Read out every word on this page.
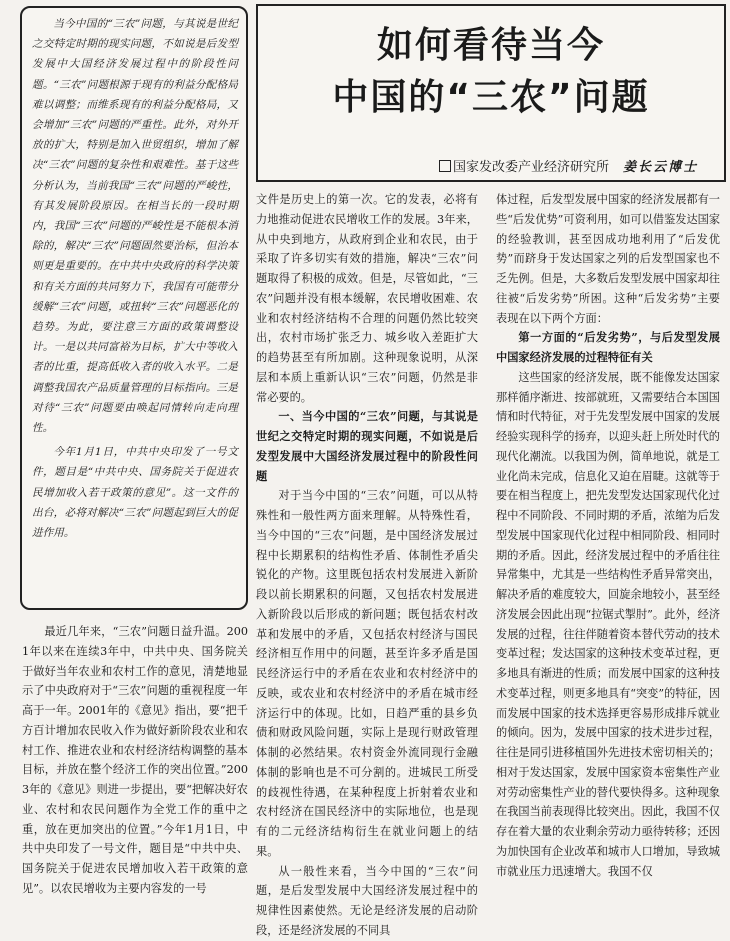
当今中国的“三农”问题，与其说是世纪之交特定时期的现实问题，不如说是后发型发展中大国经济发展过程中的阶段性问题。“三农”问题根源于现有的利益分配格局难以调整；而维系现有的利益分配格局，又会增加“三农”问题的严重性。此外，对外开放的扩大，特别是加入世贸组织，增加了解决“三农”问题的复杂性和艰难性。基于这些分析认为，当前我国“三农”问题的严峻性，有其发展阶段原因。在相当长的一段时期内，我国“三农”问题的严峻性是不能根本消除的，解决“三农”问题固然要治标，但治本则更是重要的。在中共中央政府的科学决策和有关方面的共同努力下，我国有可能带分缓解“三农”问题，或扭转“三农”问题恶化的趋势。为此，要注意三方面的政策调整设计。一是以共同富裕为目标，扩大中等收入者的比重，提高低收入者的收入水平。二是调整我国农产品质量管理的目标指向。三是对待“三农”问题要由唤起同情转向走向理性。

今年1月1日，中共中央印发了一号文件，题目是“中共中央、国务院关于促进农民增加收入若干政策的意见”。这一文件的出台，必将对解决“三农”问题起到巨大的促进作用。

如何看待当今
中国的“三农”问题
国家发改委产业经济研究所 姜长云博士

最近几年来，“三农”问题日益升温。2001年以来在连续3年中，中共中央、国务院关于做好当年农业和农村工作的意见，清楚地显示了中央政府对于“三农”问题的重视程度一年高于一年。2001年的《意见》指出，要“把千方百计增加农民收入作为做好新阶段农业和农村工作、推进农业和农村经济结构调整的基本目标，并放在整个经济工作的突出位置。”2003年的《意见》则进一步提出，要“把解决好农业、农村和农民问题作为全党工作的重中之重，放在更加突出的位置。”今年1月1日，中共中央印发了一号文件，题目是“中共中央、国务院关于促进农民增加收入若干政策的意见”。以农民增收为主要内容发的一号

文件是历史上的第一次。它的发表，必将有力地推动促进农民增收工作的发展。3年来，从中央到地方，从政府到企业和农民，由于采取了许多切实有效的措施，解决“三农”问题取得了积极的成效。但是，尽管如此，“三农”问题并没有根本缓解，农民增收困难、农业和农村经济结构不合理的问题仍然比较突出，农村市场扩张乏力、城乡收入差距扩大的趋势甚至有所加剧。这种现象说明，从深层和本质上重新认识“三农”问题，仍然是非常必要的。

一、当今中国的“三农”问题，与其说是世纪之交特定时期的现实问题，不如说是后发型发展中大国经济发展过程中的阶段性问题

对于当今中国的“三农”问题，可以从特殊性和一般性两方面来理解。从特殊性看，当今中国的“三农”问题，是中国经济发展过程中长期累积的结构性矛盾、体制性矛盾尖锐化的产物。这里既包括农村发展进入新阶段以前长期累积的问题，又包括农村发展进入新阶段以后形成的新问题；既包括农村改革和发展中的矛盾，又包括农村经济与国民经济相互作用中的问题，甚至许多矛盾是国民经济运行中的矛盾在农业和农村经济中的反映，或农业和农村经济中的矛盾在城市经济运行中的体现。比如，日趋严重的县乡负债和财政风险问题，实际上是现行财政管理体制的必然结果。农村资金外流同现行金融体制的影响也是不可分割的。进城民工所受的歧视性待遇，在某种程度上折射着农业和农村经济在国民经济中的实际地位，也是现有的二元经济结构衍生在就业问题上的结果。

从一般性来看，当今中国的“三农”问题，是后发型发展中大国经济发展过程中的规律性因素使然。无论是经济发展的启动阶段，还是经济发展的不同具

体过程，后发型发展中国家的经济发展都有一些“后发优势”可资利用，如可以借鉴发达国家的经验教训，甚至因成功地利用了“后发优势”而跻身于发达国家之列的后发型国家也不乏先例。但是，大多数后发型发展中国家却往往被“后发劣势”所困。这种“后发劣势”主要表现在以下两个方面：

第一方面的“后发劣势”，与后发型发展中国家经济发展的过程特征有关

这些国家的经济发展，既不能像发达国家那样循序渐进、按部就班，又需要结合本国国情和时代特征，对于先发型发展中国家的发展经验实现科学的扬弃，以迎头赶上所处时代的现代化潮流。以我国为例，简单地说，就是工业化尚未完成，信息化又迫在眉睫。这就等于要在相当程度上，把先发型发达国家现代化过程中不同阶段、不同时期的矛盾，浓缩为后发型发展中国家现代化过程中相同阶段、相同时期的矛盾。因此，经济发展过程中的矛盾往往异常集中，尤其是一些结构性矛盾异常突出，解决矛盾的难度较大，回旋余地较小，甚至经济发展会因此出现“拉锯式掣肘”。此外，经济发展的过程，往往伴随着资本替代劳动的技术变革过程；发达国家的这种技术变革过程，更多地具有渐进的性质；而发展中国家的这种技术变革过程，则更多地具有“突变”的特征，因而发展中国家的技术选择更容易形成排斥就业的倾向。因为，发展中国家的技术进步过程，往往是同引进移植国外先进技术密切相关的；相对于发达国家，发展中国家资本密集性产业对劳动密集性产业的替代要快得多。这种现象在我国当前表现得比较突出。因此，我国不仅存在着大量的农业剩余劳动力亟待转移；还因为加快国有企业改革和城市人口增加，导致城市就业压力迅速增大。我国不仅
